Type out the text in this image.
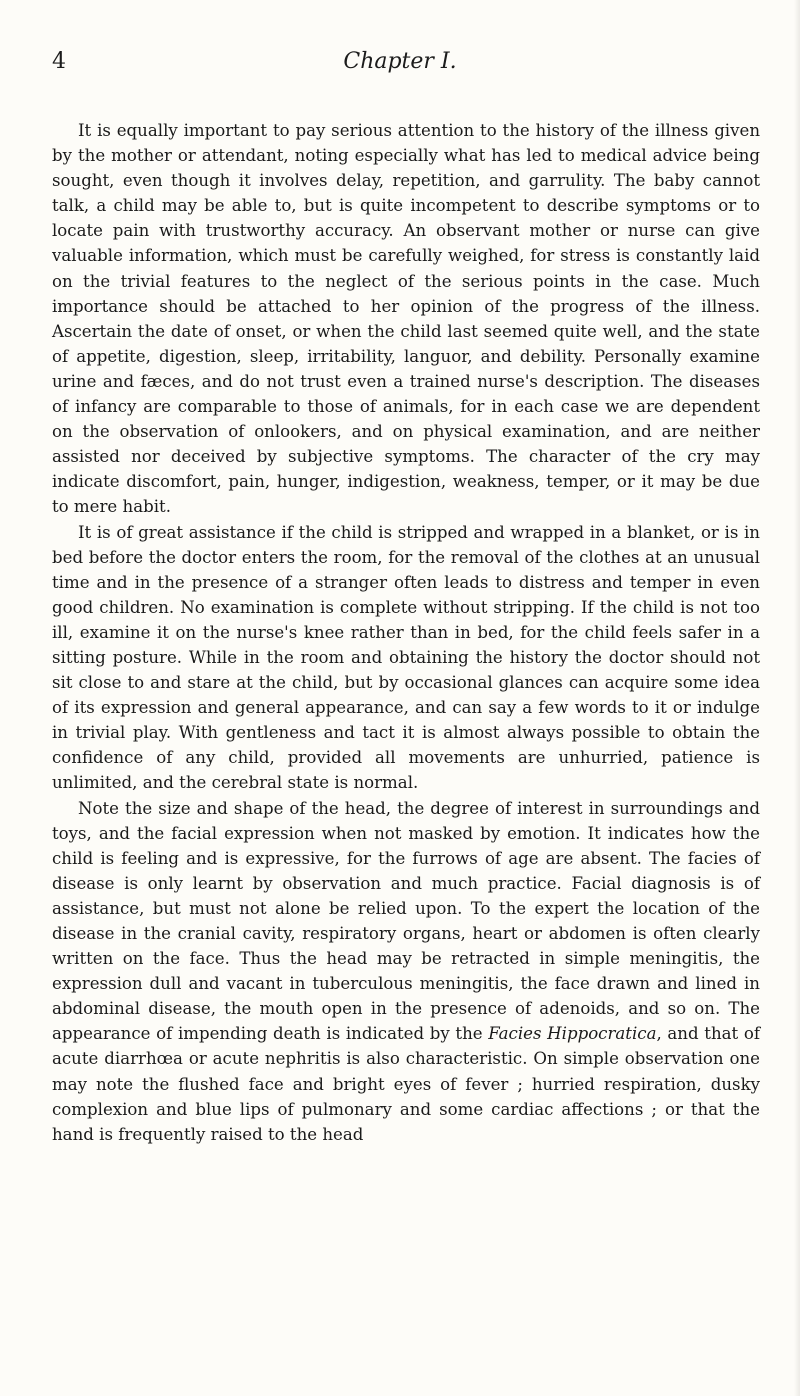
4	Chapter I.

It is equally important to pay serious attention to the history of the illness given by the mother or attendant, noting especially what has led to medical advice being sought, even though it involves delay, repetition, and garrulity. The baby cannot talk, a child may be able to, but is quite incompetent to describe symptoms or to locate pain with trustworthy accuracy. An observant mother or nurse can give valuable information, which must be carefully weighed, for stress is constantly laid on the trivial features to the neglect of the serious points in the case. Much importance should be attached to her opinion of the progress of the illness. Ascertain the date of onset, or when the child last seemed quite well, and the state of appetite, digestion, sleep, irritability, languor, and debility. Personally examine urine and fæces, and do not trust even a trained nurse's description. The diseases of infancy are comparable to those of animals, for in each case we are dependent on the observation of onlookers, and on physical examination, and are neither assisted nor deceived by subjective symptoms. The character of the cry may indicate discomfort, pain, hunger, indigestion, weakness, temper, or it may be due to mere habit.

It is of great assistance if the child is stripped and wrapped in a blanket, or is in bed before the doctor enters the room, for the removal of the clothes at an unusual time and in the presence of a stranger often leads to distress and temper in even good children. No examination is complete without stripping. If the child is not too ill, examine it on the nurse's knee rather than in bed, for the child feels safer in a sitting posture. While in the room and obtaining the history the doctor should not sit close to and stare at the child, but by occasional glances can acquire some idea of its expression and general appearance, and can say a few words to it or indulge in trivial play. With gentleness and tact it is almost always possible to obtain the confidence of any child, provided all movements are unhurried, patience is unlimited, and the cerebral state is normal.

Note the size and shape of the head, the degree of interest in surroundings and toys, and the facial expression when not masked by emotion. It indicates how the child is feeling and is expressive, for the furrows of age are absent. The facies of disease is only learnt by observation and much practice. Facial diagnosis is of assistance, but must not alone be relied upon. To the expert the location of the disease in the cranial cavity, respiratory organs, heart or abdomen is often clearly written on the face. Thus the head may be retracted in simple meningitis, the expression dull and vacant in tuberculous meningitis, the face drawn and lined in abdominal disease, the mouth open in the presence of adenoids, and so on. The appearance of impending death is indicated by the Facies Hippocratica, and that of acute diarrhœa or acute nephritis is also characteristic. On simple observation one may note the flushed face and bright eyes of fever ; hurried respiration, dusky complexion and blue lips of pulmonary and some cardiac affections ; or that the hand is frequently raised to the head
